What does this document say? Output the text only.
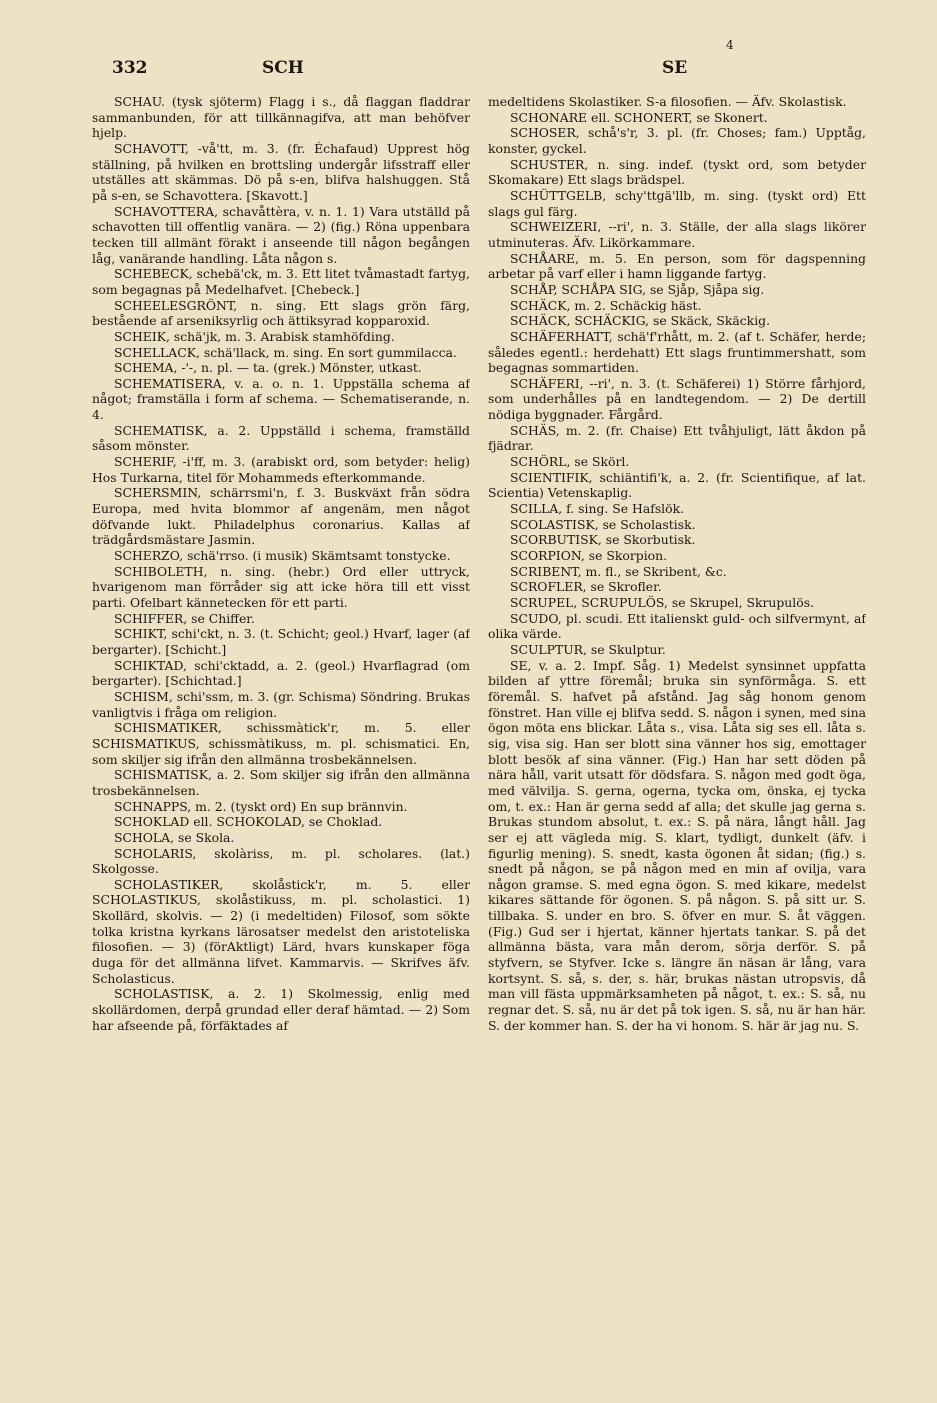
332	SCH
4
SE

SCHAU. (tysk sjöterm) Flagg i s., då flaggan fladdrar sammanbunden, för att tillkännagifva, att man behöfver hjelp.

SCHAVOTT, -vå'tt, m. 3. (fr. Échafaud) Upprest hög ställning, på hvilken en brottsling undergår lifsstraff eller utställes att skämmas. Dö på s-en, blifva halshuggen. Stå på s-en, se Schavottera. [Skavott.]

SCHAVOTTERA, schavåttèra, v. n. 1. 1) Vara utställd på schavotten till offentlig vanära. — 2) (fig.) Röna uppenbara tecken till allmänt förakt i anseende till någon begången låg, vanärande handling. Låta någon s.

SCHEBECK, schebä'ck, m. 3. Ett litet tvåmastadt fartyg, som begagnas på Medelhafvet. [Chebeck.]

SCHEELESGRÖNT, n. sing. Ett slags grön färg, bestående af arseniksyrlig och ättiksyrad kopparoxid.

SCHEIK, schä'jk, m. 3. Arabisk stamhöfding.

SCHELLACK, schä'llack, m. sing. En sort gummilacca.

SCHEMA, -'-, n. pl. — ta. (grek.) Mönster, utkast.

SCHEMATISERA, v. a. o. n. 1. Uppställa schema af något; framställa i form af schema. — Schematiserande, n. 4.

SCHEMATISK, a. 2. Uppställd i schema, framställd såsom mönster.

SCHERIF, -i'ff, m. 3. (arabiskt ord, som betyder: helig) Hos Turkarna, titel för Mohammeds efterkommande.

SCHERSMIN, schärrsmi'n, f. 3. Buskväxt från södra Europa, med hvita blommor af angenäm, men något döfvande lukt. Philadelphus coronarius. Kallas af trädgårdsmästare Jasmin.

SCHERZO, schä'rrso. (i musik) Skämtsamt tonstycke.

SCHIBOLETH, n. sing. (hebr.) Ord eller uttryck, hvarigenom man förråder sig att icke höra till ett visst parti. Ofelbart kännetecken för ett parti.

SCHIFFER, se Chiffer.

SCHIKT, schi'ckt, n. 3. (t. Schicht; geol.) Hvarf, lager (af bergarter). [Schicht.]

SCHIKTAD, schi'cktadd, a. 2. (geol.) Hvarflagrad (om bergarter). [Schichtad.]

SCHISM, schi'ssm, m. 3. (gr. Schisma) Söndring. Brukas vanligtvis i fråga om religion.

SCHISMATIKER, schissmàtick'r, m. 5. eller SCHISMATIKUS, schissmàtikuss, m. pl. schismatici. En, som skiljer sig ifrån den allmänna trosbekännelsen.

SCHISMATISK, a. 2. Som skiljer sig ifrån den allmänna trosbekännelsen.

SCHNAPPS, m. 2. (tyskt ord) En sup brännvin.

SCHOKLAD ell. SCHOKOLAD, se Choklad.

SCHOLA, se Skola.

SCHOLARIS, skolàriss, m. pl. scholares. (lat.) Skolgosse.

SCHOLASTIKER, skolåstick'r, m. 5. eller SCHOLASTIKUS, skolåstikuss, m. pl. scholastici. 1) Skollärd, skolvis. — 2) (i medeltiden) Filosof, som sökte tolka kristna kyrkans lärosatser medelst den aristoteliska filosofien. — 3) (förAktligt) Lärd, hvars kunskaper föga duga för det allmänna lifvet. Kammarvis. — Skrifves äfv. Scholasticus.

SCHOLASTISK, a. 2. 1) Skolmessig, enlig med skollärdomen, derpå grundad eller deraf hämtad. — 2) Som har afseende på, förfäktades af

medeltidens Skolastiker. S-a filosofien. — Äfv. Skolastisk.

SCHONARE ell. SCHONERT, se Skonert.

SCHOSER, schå's'r, 3. pl. (fr. Choses; fam.) Upptåg, konster, gyckel.

SCHUSTER, n. sing. indef. (tyskt ord, som betyder Skomakare) Ett slags brädspel.

SCHÜTTGELB, schy'ttgä'llb, m. sing. (tyskt ord) Ett slags gul färg.

SCHWEIZERI, --ri', n. 3. Ställe, der alla slags likörer utminuteras. Äfv. Likörkammare.

SCHÅARE, m. 5. En person, som för dagspenning arbetar på varf eller i hamn liggande fartyg.

SCHÅP, SCHÅPA SIG, se Sjåp, Sjåpa sig.

SCHÄCK, m. 2. Schäckig häst.

SCHÄCK, SCHÄCKIG, se Skäck, Skäckig.

SCHÄFERHATT, schä'f'rhått, m. 2. (af t. Schäfer, herde; således egentl.: herdehatt) Ett slags fruntimmershatt, som begagnas sommartiden.

SCHÄFERI, --ri', n. 3. (t. Schäferei) 1) Större fårhjord, som underhålles på en landtegendom. — 2) De dertill nödiga byggnader. Fårgård.

SCHÄS, m. 2. (fr. Chaise) Ett tvåhjuligt, lätt åkdon på fjädrar.

SCHÖRL, se Skörl.

SCIENTIFIK, schiäntifi'k, a. 2. (fr. Scientifique, af lat. Scientia) Vetenskaplig.

SCILLA, f. sing. Se Hafslök.

SCOLASTISK, se Scholastisk.

SCORBUTISK, se Skorbutisk.

SCORPION, se Skorpion.

SCRIBENT, m. fl., se Skribent, &c.

SCROFLER, se Skrofler.

SCRUPEL, SCRUPULÖS, se Skrupel, Skrupulös.

SCUDO, pl. scudi. Ett italienskt guld- och silfvermynt, af olika värde.

SCULPTUR, se Skulptur.

SE, v. a. 2. Impf. Såg. 1) Medelst synsinnet uppfatta bilden af yttre föremål; bruka sin synförmåga. S. ett föremål. S. hafvet på afstånd. Jag såg honom genom fönstret. Han ville ej blifva sedd. S. någon i synen, med sina ögon möta ens blickar. Låta s., visa. Låta sig ses ell. låta s. sig, visa sig. Han ser blott sina vänner hos sig, emottager blott besök af sina vänner. (Fig.) Han har sett döden på nära håll, varit utsatt för dödsfara. S. någon med godt öga, med välvilja. S. gerna, ogerna, tycka om, önska, ej tycka om, t. ex.: Han är gerna sedd af alla; det skulle jag gerna s. Brukas stundom absolut, t. ex.: S. på nära, långt håll. Jag ser ej att vägleda mig. S. klart, tydligt, dunkelt (äfv. i figurlig mening). S. snedt, kasta ögonen åt sidan; (fig.) s. snedt på någon, se på någon med en min af ovilja, vara någon gramse. S. med egna ögon. S. med kikare, medelst kikares sättande för ögonen. S. på någon. S. på sitt ur. S. tillbaka. S. under en bro. S. öfver en mur. S. åt väggen. (Fig.) Gud ser i hjertat, känner hjertats tankar. S. på det allmänna bästa, vara mån derom, sörja derför. S. på styfvern, se Styfver. Icke s. längre än näsan är lång, vara kortsynt. S. så, s. der, s. här, brukas nästan utropsvis, då man vill fästa uppmärksamheten på något, t. ex.: S. så, nu regnar det. S. så, nu är det på tok igen. S. så, nu är han här. S. der kommer han. S. der ha vi honom. S. här är jag nu. S.
